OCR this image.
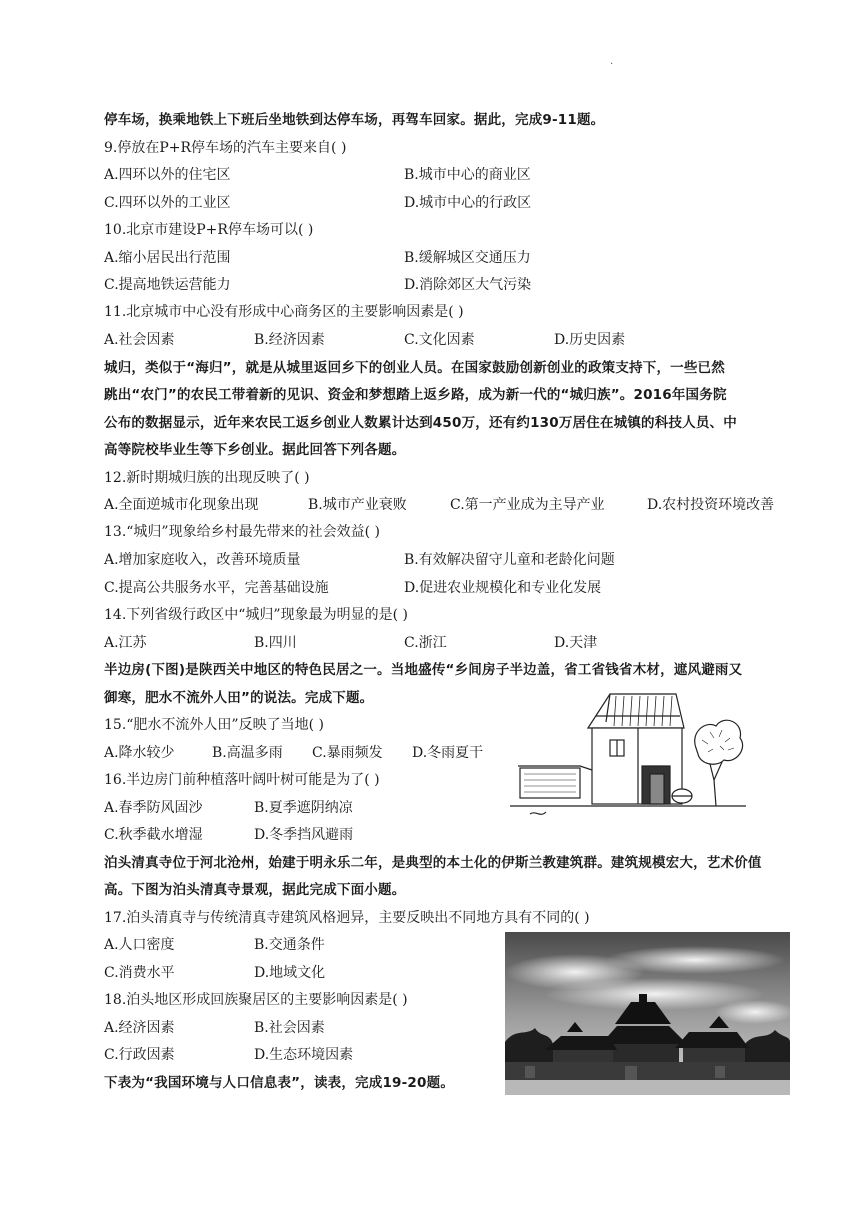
.
停车场，换乘地铁上下班后坐地铁到达停车场，再驾车回家。据此，完成9-11题。
9.停放在P+R停车场的汽车主要来自( )
A.四环以外的住宅区	B.城市中心的商业区
C.四环以外的工业区	D.城市中心的行政区
10.北京市建设P+R停车场可以( )
A.缩小居民出行范围	B.缓解城区交通压力
C.提高地铁运营能力	D.消除郊区大气污染
11.北京城市中心没有形成中心商务区的主要影响因素是( )
A.社会因素	B.经济因素	C.文化因素	D.历史因素
城归，类似于“海归”，就是从城里返回乡下的创业人员。在国家鼓励创新创业的政策支持下，一些已然
跳出“农门”的农民工带着新的见识、资金和梦想踏上返乡路，成为新一代的“城归族”。2016年国务院
公布的数据显示，近年来农民工返乡创业人数累计达到450万，还有约130万居住在城镇的科技人员、中
高等院校毕业生等下乡创业。据此回答下列各题。
12.新时期城归族的出现反映了( )
A.全面逆城市化现象出现	B.城市产业衰败	C.第一产业成为主导产业	D.农村投资环境改善
13.“城归”现象给乡村最先带来的社会效益( )
A.增加家庭收入，改善环境质量	B.有效解决留守儿童和老龄化问题
C.提高公共服务水平，完善基础设施	D.促进农业规模化和专业化发展
14.下列省级行政区中“城归”现象最为明显的是( )
A.江苏	B.四川	C.浙江	D.天津
半边房(下图)是陕西关中地区的特色民居之一。当地盛传“乡间房子半边盖，省工省钱省木材，遮风避雨又
御寒，肥水不流外人田”的说法。完成下题。
15.“肥水不流外人田”反映了当地( )
A.降水较少	B.高温多雨 C.暴雨频发 D.冬雨夏干
16.半边房门前种植落叶阔叶树可能是为了( )
A.春季防风固沙	B.夏季遮阴纳凉
C.秋季截水增湿	D.冬季挡风避雨
泊头清真寺位于河北沧州，始建于明永乐二年，是典型的本土化的伊斯兰教建筑群。建筑规模宏大，艺术价值
高。下图为泊头清真寺景观，据此完成下面小题。
17.泊头清真寺与传统清真寺建筑风格迥异，主要反映出不同地方具有不同的( )
A.人口密度	B.交通条件
C.消费水平	D.地域文化
18.泊头地区形成回族聚居区的主要影响因素是( )
A.经济因素	B.社会因素
C.行政因素	D.生态环境因素
下表为“我国环境与人口信息表”，读表，完成19-20题。
